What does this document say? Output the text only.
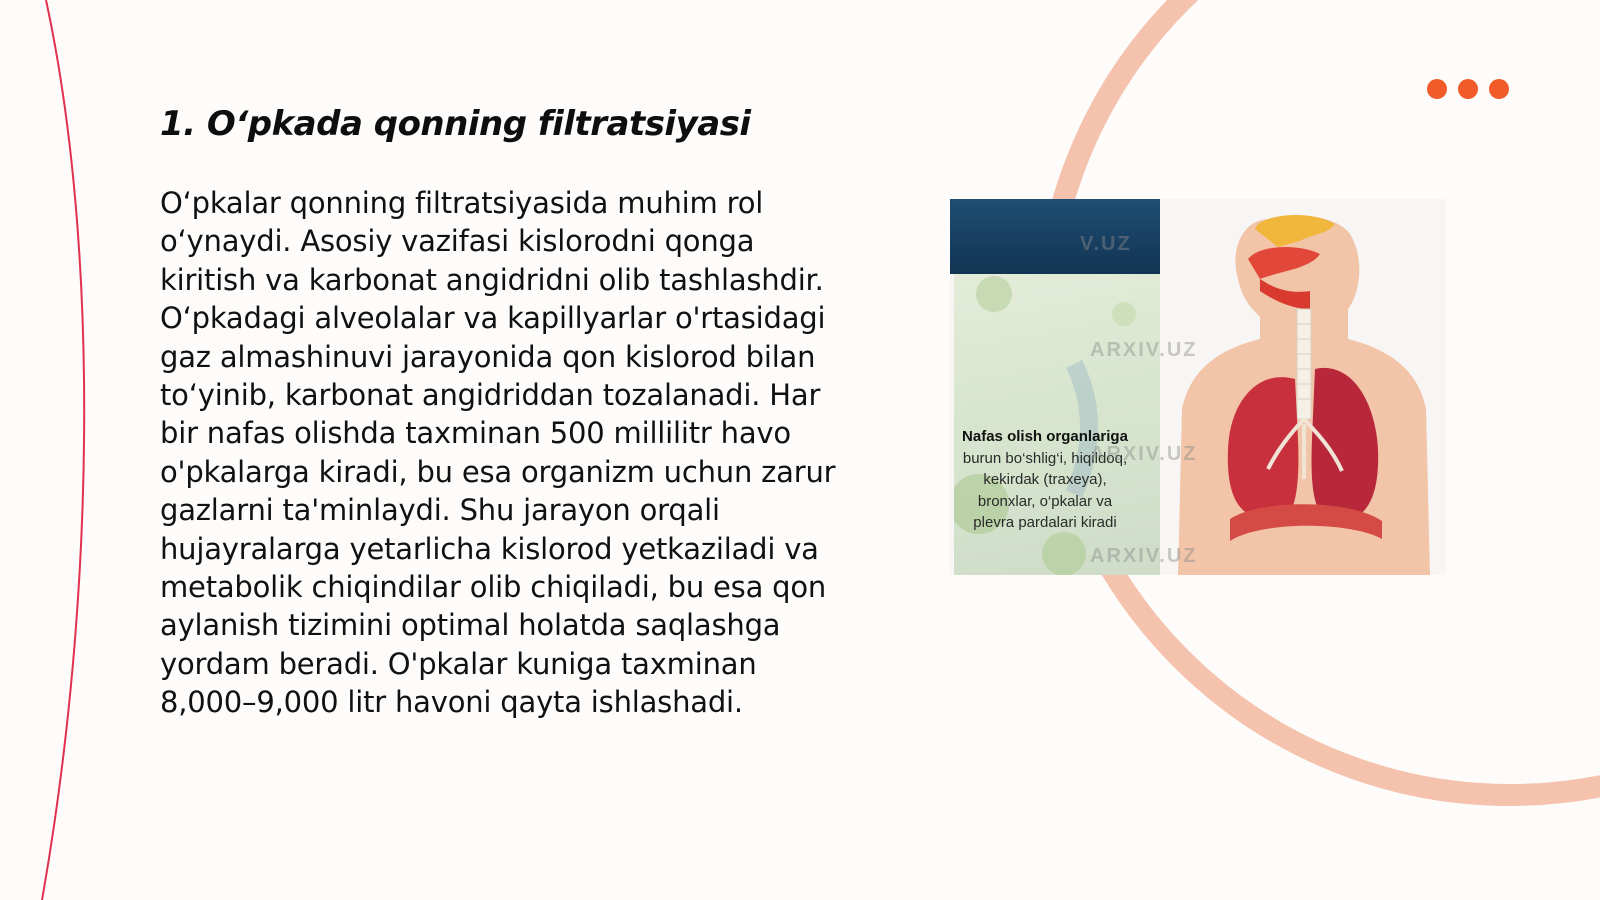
1. O‘pkada qonning filtratsiyasi

O‘pkalar qonning filtratsiyasida muhim rol o‘ynaydi. Asosiy vazifasi kislorodni qonga kiritish va karbonat angidridni olib tashlashdir. O‘pkadagi alveolalar va kapillyarlar o'rtasidagi gaz almashinuvi jarayonida qon kislorod bilan to‘yinib, karbonat angidriddan tozalanadi. Har bir nafas olishda taxminan 500 millilitr havo o'pkalarga kiradi, bu esa organizm uchun zarur gazlarni ta'minlaydi. Shu jarayon orqali hujayralarga yetarlicha kislorod yetkaziladi va metabolik chiqindilar olib chiqiladi, bu esa qon aylanish tizimini optimal holatda saqlashga yordam beradi. O'pkalar kuniga taxminan 8,000–9,000 litr havoni qayta ishlashadi.

Nafas olish organlariga burun bo‘shlig‘i, hiqildoq, kekirdak (traxeya), bronxlar, o‘pkalar va plevra pardalari kiradi
V.UZ
ARXIV.UZ
ARXIV.UZ
ARXIV.UZ
